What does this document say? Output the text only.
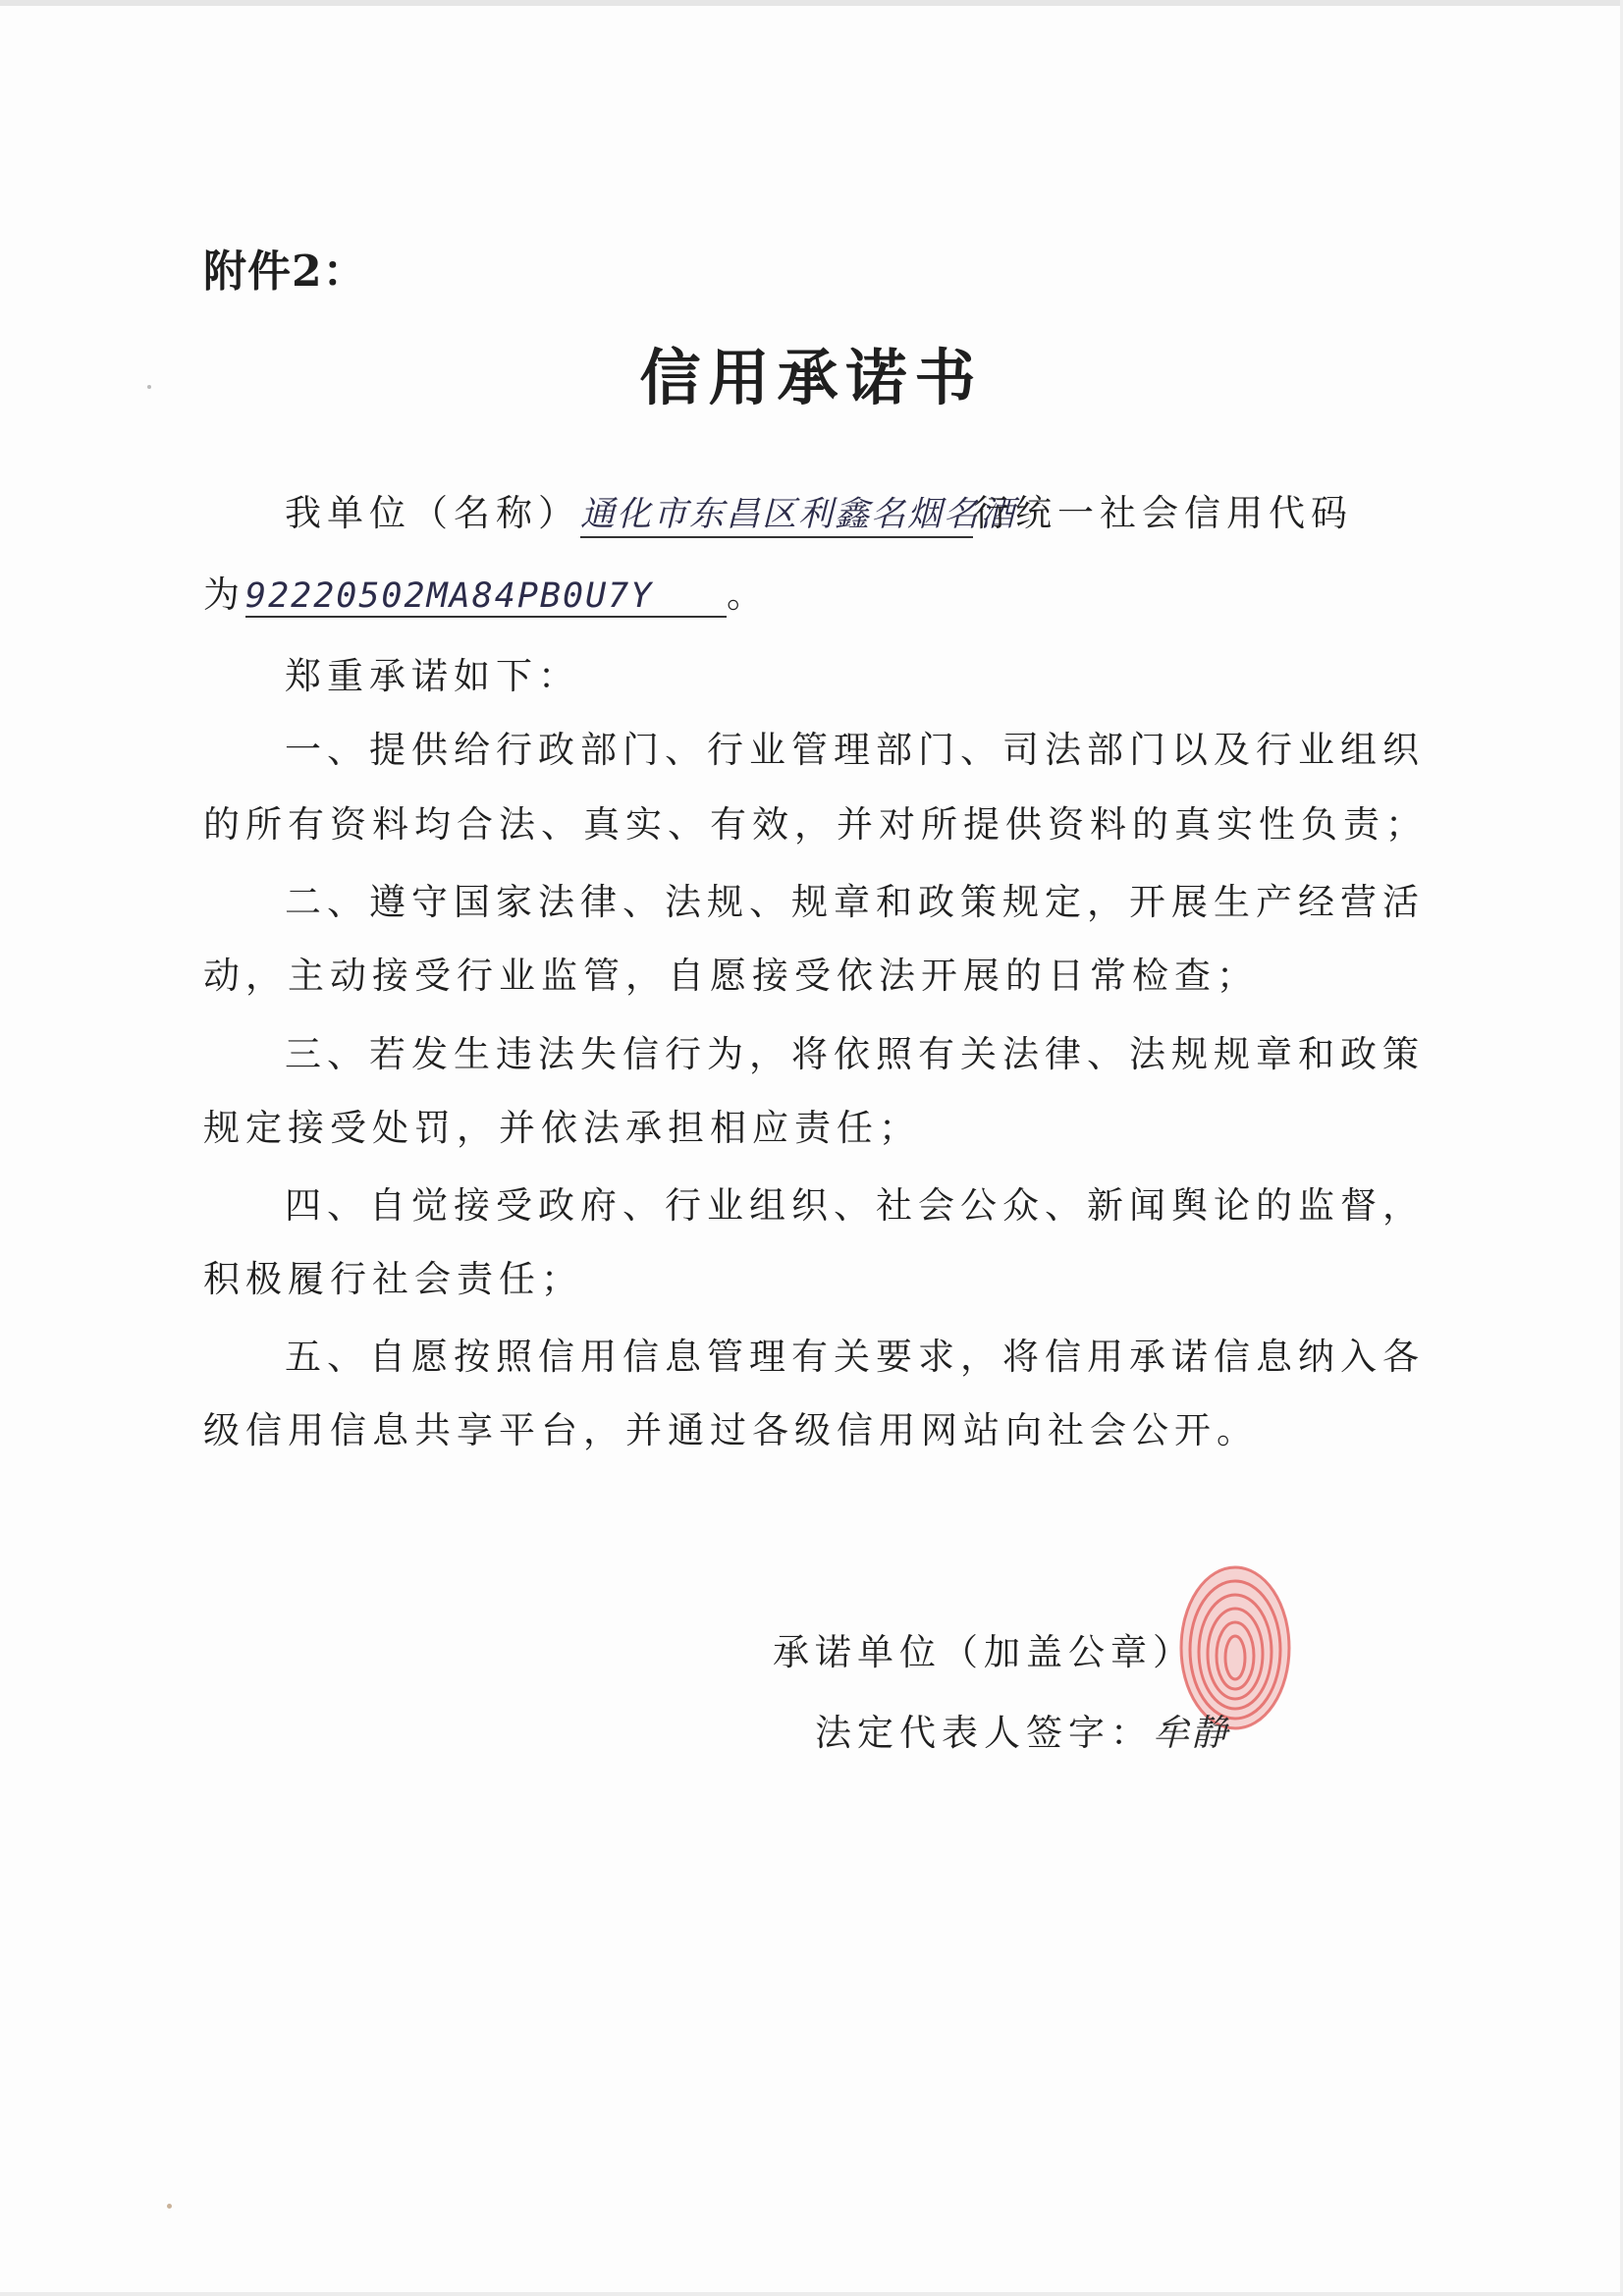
附件2：
信用承诺书
我单位（名称）通化市东昌区利鑫名烟名酒行统一社会信用代码
为92220502MA84PB0U7Y 。
郑重承诺如下：
一、提供给行政部门、行业管理部门、司法部门以及行业组织
的所有资料均合法、真实、有效，并对所提供资料的真实性负责；
二、遵守国家法律、法规、规章和政策规定，开展生产经营活
动，主动接受行业监管，自愿接受依法开展的日常检查；
三、若发生违法失信行为，将依照有关法律、法规规章和政策
规定接受处罚，并依法承担相应责任；
四、自觉接受政府、行业组织、社会公众、新闻舆论的监督，
积极履行社会责任；
五、自愿按照信用信息管理有关要求，将信用承诺信息纳入各
级信用信息共享平台，并通过各级信用网站向社会公开。
承诺单位（加盖公章）
法定代表人签字：牟静
